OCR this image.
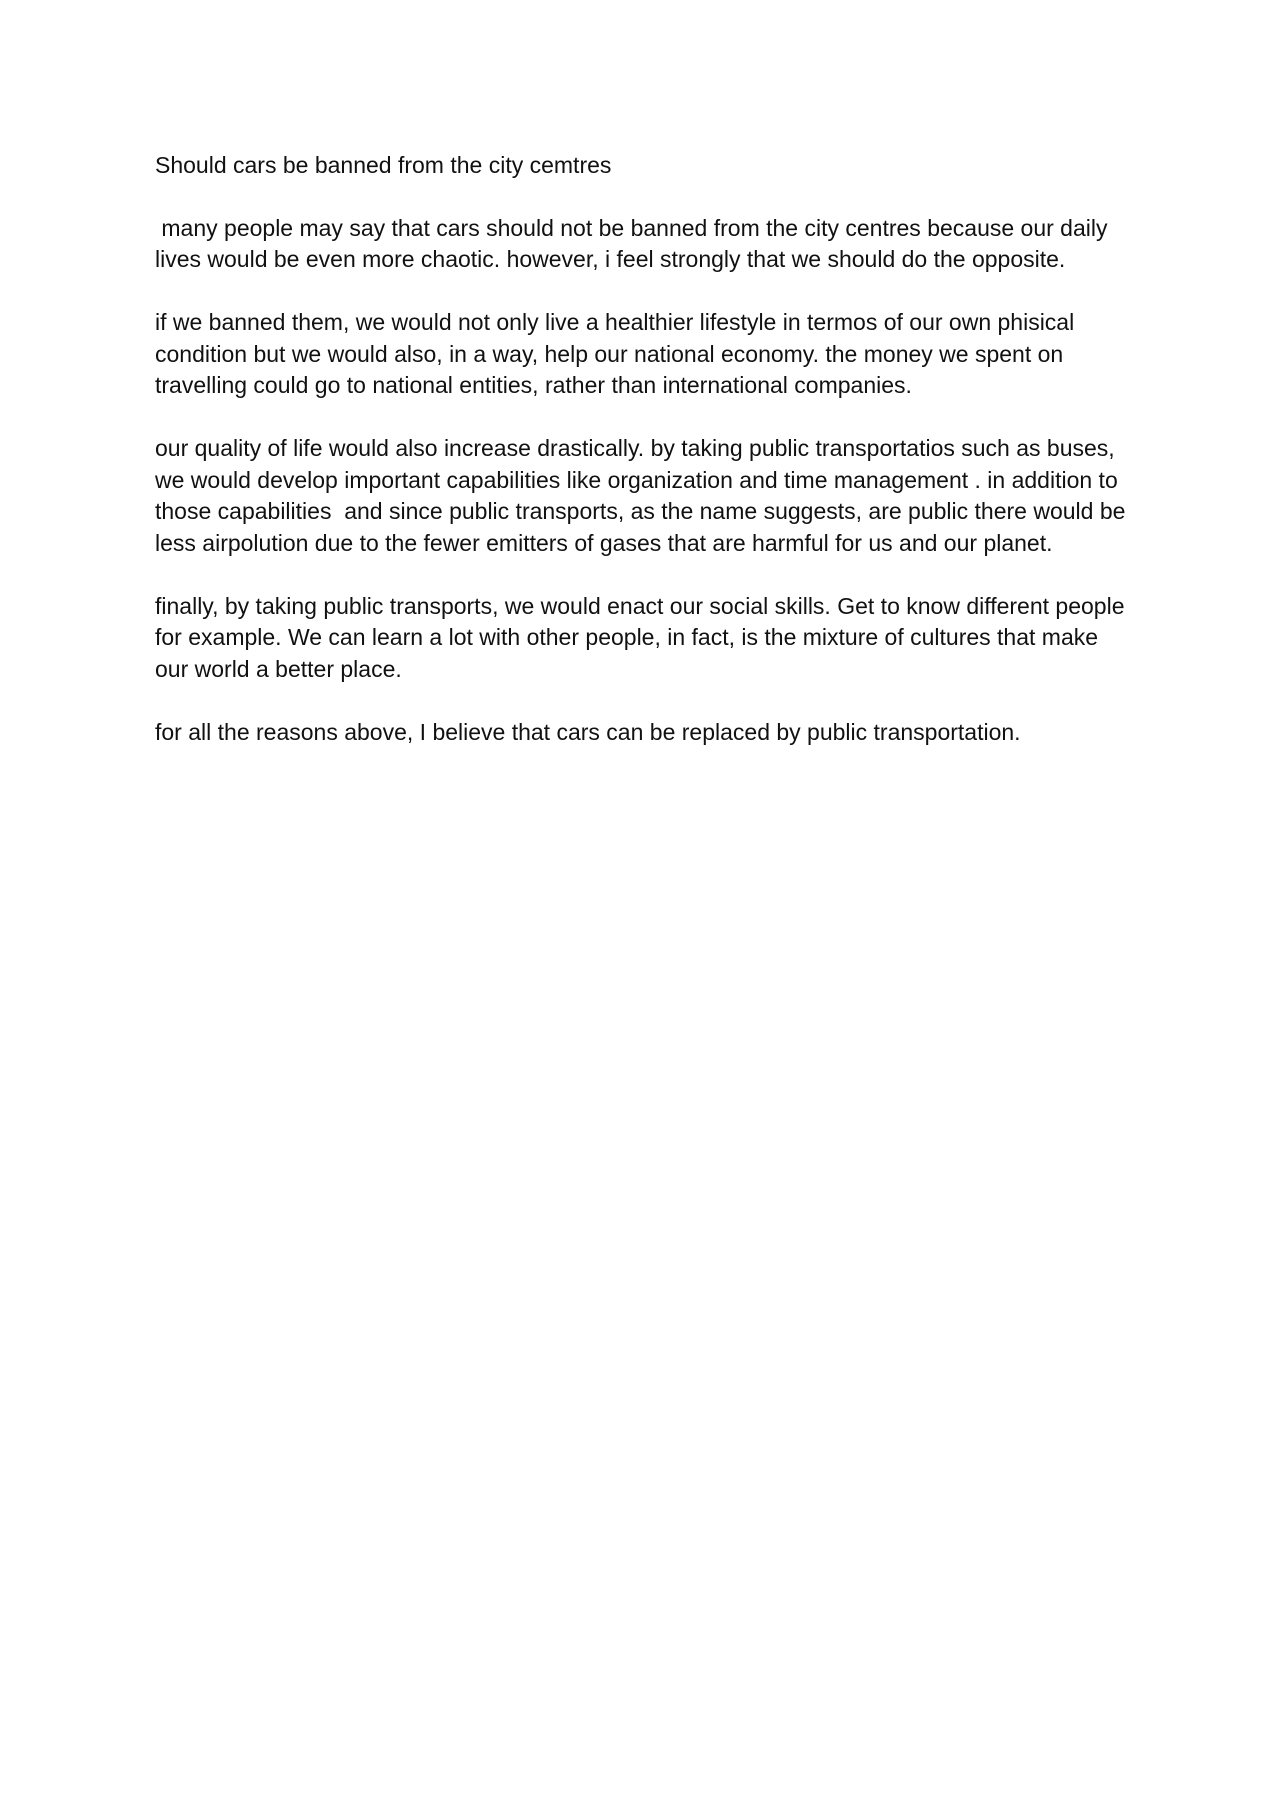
Should cars be banned from the city cemtres

many people may say that cars should not be banned from the city centres because our daily lives would be even more chaotic. however, i feel strongly that we should do the opposite.

if we banned them, we would not only live a healthier lifestyle in termos of our own phisical condition but we would also, in a way, help our national economy. the money we spent on travelling could go to national entities, rather than international companies.

our quality of life would also increase drastically. by taking public transportatios such as buses, we would develop important capabilities like organization and time management . in addition to those capabilities  and since public transports, as the name suggests, are public there would be less airpolution due to the fewer emitters of gases that are harmful for us and our planet.

finally, by taking public transports, we would enact our social skills. Get to know different people for example. We can learn a lot with other people, in fact, is the mixture of cultures that make our world a better place.

for all the reasons above, I believe that cars can be replaced by public transportation.
